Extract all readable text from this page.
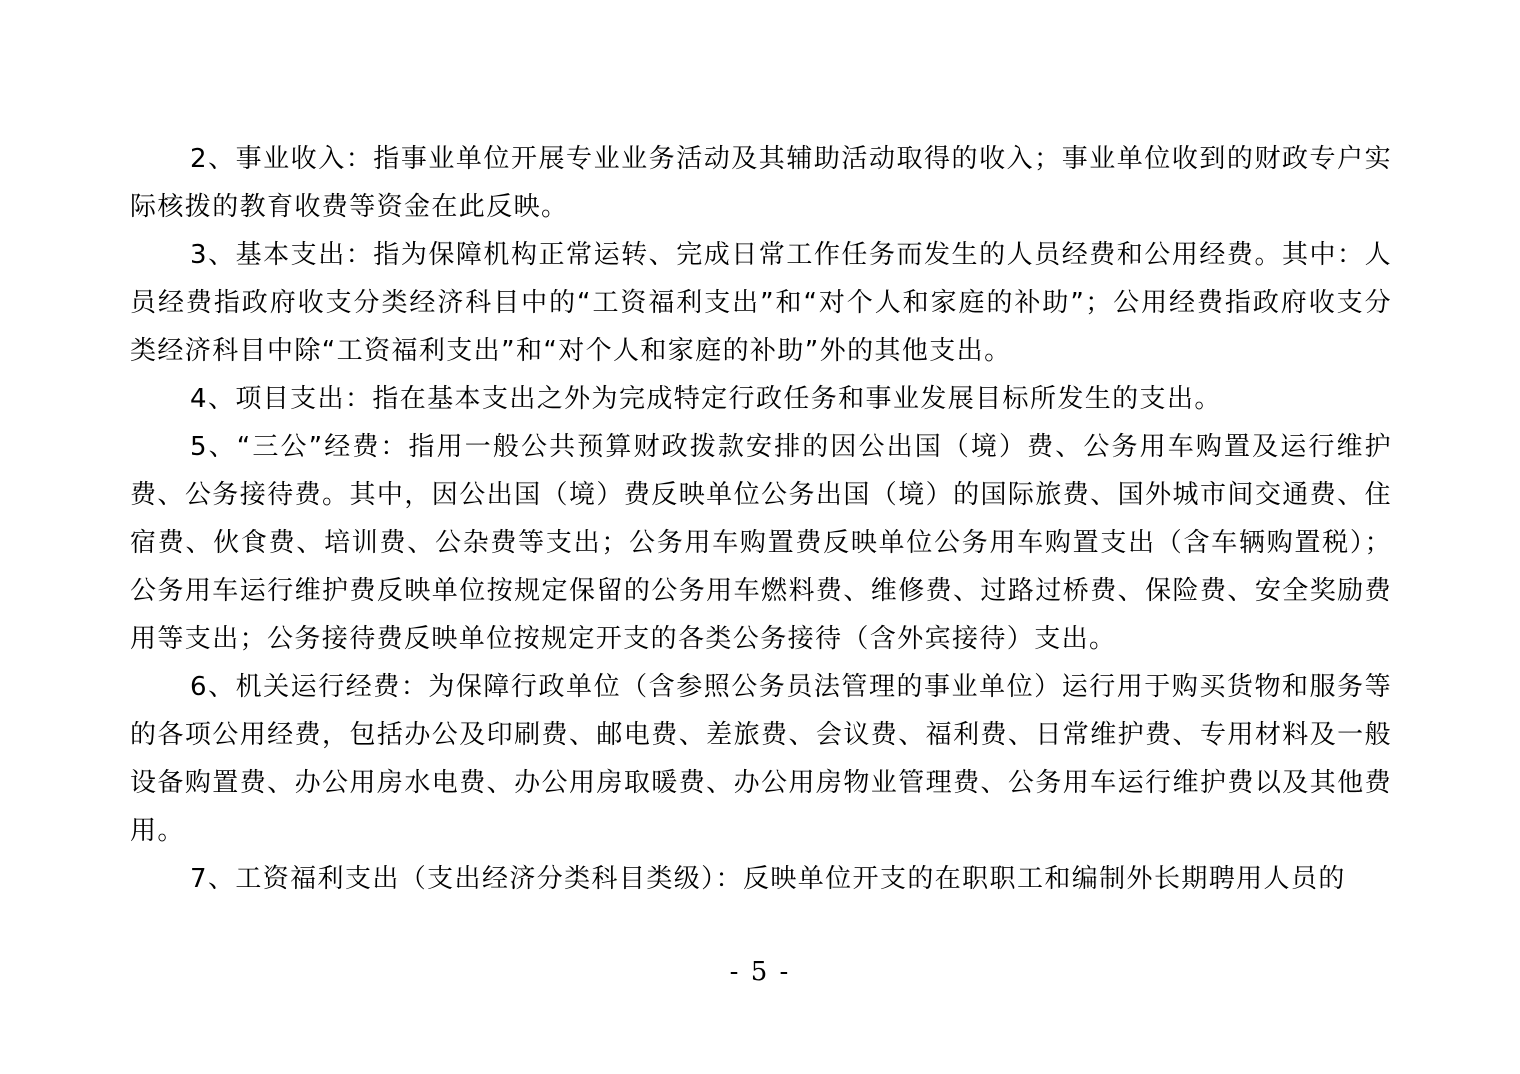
2、事业收入：指事业单位开展专业业务活动及其辅助活动取得的收入；事业单位收到的财政专户实际核拨的教育收费等资金在此反映。

3、基本支出：指为保障机构正常运转、完成日常工作任务而发生的人员经费和公用经费。其中：人员经费指政府收支分类经济科目中的“工资福利支出”和“对个人和家庭的补助”；公用经费指政府收支分类经济科目中除“工资福利支出”和“对个人和家庭的补助”外的其他支出。

4、项目支出：指在基本支出之外为完成特定行政任务和事业发展目标所发生的支出。

5、“三公”经费：指用一般公共预算财政拨款安排的因公出国（境）费、公务用车购置及运行维护费、公务接待费。其中，因公出国（境）费反映单位公务出国（境）的国际旅费、国外城市间交通费、住宿费、伙食费、培训费、公杂费等支出；公务用车购置费反映单位公务用车购置支出（含车辆购置税）；公务用车运行维护费反映单位按规定保留的公务用车燃料费、维修费、过路过桥费、保险费、安全奖励费用等支出；公务接待费反映单位按规定开支的各类公务接待（含外宾接待）支出。

6、机关运行经费：为保障行政单位（含参照公务员法管理的事业单位）运行用于购买货物和服务等的各项公用经费，包括办公及印刷费、邮电费、差旅费、会议费、福利费、日常维护费、专用材料及一般设备购置费、办公用房水电费、办公用房取暖费、办公用房物业管理费、公务用车运行维护费以及其他费用。

7、工资福利支出（支出经济分类科目类级）：反映单位开支的在职职工和编制外长期聘用人员的

- 5 -
